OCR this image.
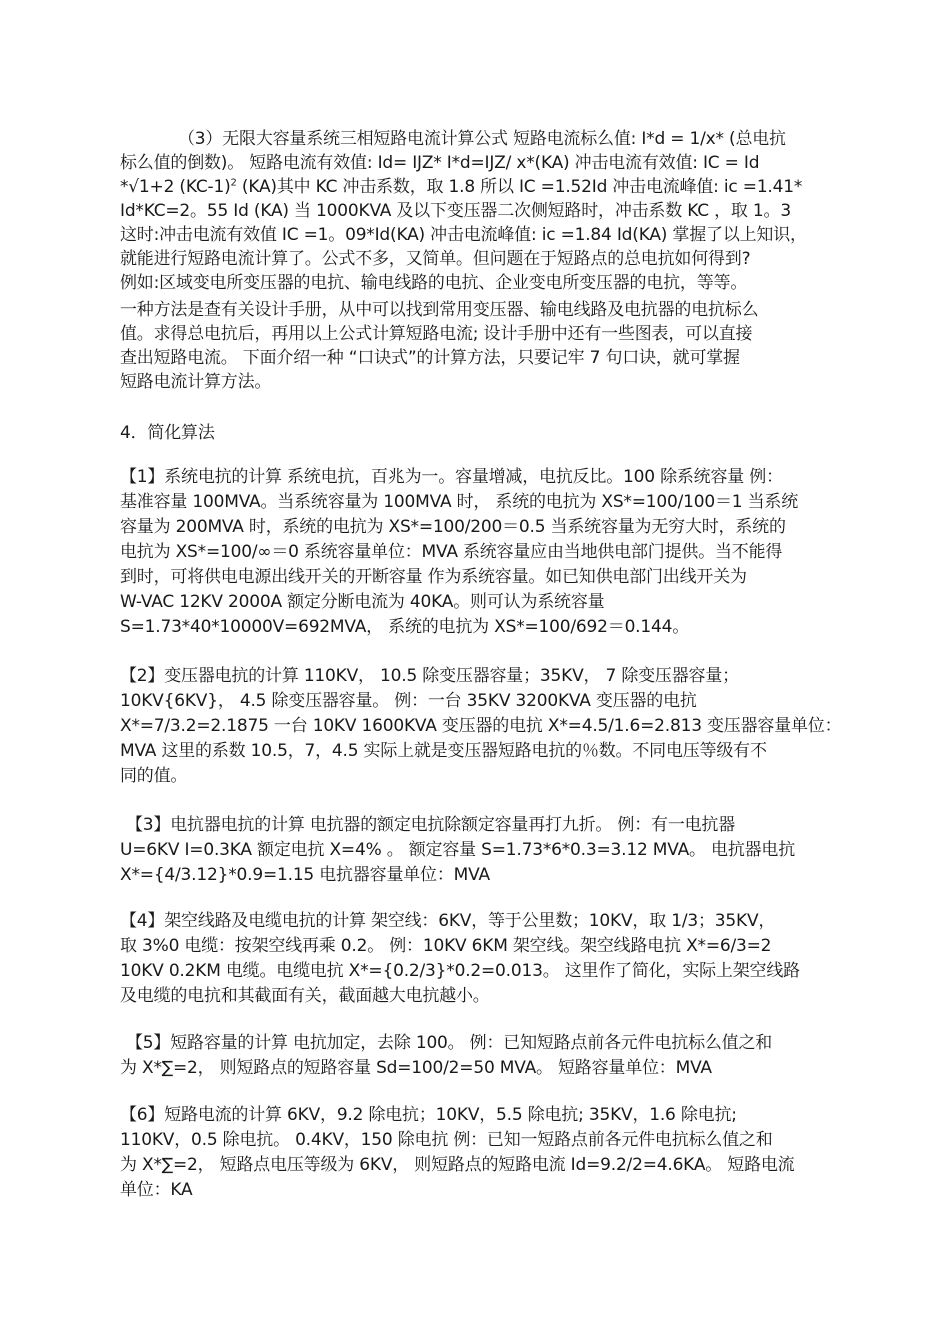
（3）无限大容量系统三相短路电流计算公式 短路电流标么值: I*d = 1/x* (总电抗
标么值的倒数)。 短路电流有效值: Id= IJZ* I*d=IJZ/ x*(KA) 冲击电流有效值: IC = Id
*√1+2 $(KC-1)^2$ (KA)其中 KC 冲击系数，取 1.8 所以 IC =1.52Id 冲击电流峰值: ic =1.41*
Id*KC=2。55 Id (KA) 当 1000KVA 及以下变压器二次侧短路时，冲击系数 KC ，取 1。3
这时:冲击电流有效值 IC =1。09*Id(KA) 冲击电流峰值: ic =1.84 Id(KA) 掌握了以上知识，
就能进行短路电流计算了。公式不多，又简单。但问题在于短路点的总电抗如何得到?
例如:区域变电所变压器的电抗、输电线路的电抗、企业变电所变压器的电抗，等等。
一种方法是查有关设计手册，从中可以找到常用变压器、输电线路及电抗器的电抗标么
值。求得总电抗后，再用以上公式计算短路电流; 设计手册中还有一些图表，可以直接
查出短路电流。 下面介绍一种 “口诀式”的计算方法，只要记牢 7 句口诀，就可掌握
短路电流计算方法。
4．简化算法
【1】系统电抗的计算 系统电抗，百兆为一。容量增减，电抗反比。100 除系统容量 例：
基准容量 100MVA。当系统容量为 100MVA 时， 系统的电抗为 XS*=100/100＝1 当系统
容量为 200MVA 时，系统的电抗为 XS*=100/200＝0.5 当系统容量为无穷大时，系统的
电抗为 XS*=100/∞＝0 系统容量单位：MVA 系统容量应由当地供电部门提供。当不能得
到时，可将供电电源出线开关的开断容量 作为系统容量。如已知供电部门出线开关为
W-VAC 12KV 2000A 额定分断电流为 40KA。则可认为系统容量
S=1.73*40*10000V=692MVA， 系统的电抗为 XS*=100/692＝0.144。
【2】变压器电抗的计算 110KV， 10.5 除变压器容量；35KV， 7 除变压器容量；
10KV{6KV}， 4.5 除变压器容量。 例：一台 35KV 3200KVA 变压器的电抗
X*=7/3.2=2.1875 一台 10KV 1600KVA 变压器的电抗 X*=4.5/1.6=2.813 变压器容量单位：
MVA 这里的系数 10.5，7，4.5 实际上就是变压器短路电抗的％数。不同电压等级有不
同的值。
【3】电抗器电抗的计算 电抗器的额定电抗除额定容量再打九折。 例：有一电抗器
U=6KV I=0.3KA 额定电抗 X=4% 。 额定容量 S=1.73*6*0.3=3.12 MVA。 电抗器电抗
X*={4/3.12}*0.9=1.15 电抗器容量单位：MVA
【4】架空线路及电缆电抗的计算 架空线：6KV，等于公里数；10KV，取 1/3；35KV，
取 3%0 电缆：按架空线再乘 0.2。 例：10KV 6KM 架空线。架空线路电抗 X*=6/3=2
10KV 0.2KM 电缆。电缆电抗 X*={0.2/3}*0.2=0.013。 这里作了简化，实际上架空线路
及电缆的电抗和其截面有关，截面越大电抗越小。
【5】短路容量的计算 电抗加定，去除 100。 例：已知短路点前各元件电抗标么值之和
为 X*∑=2， 则短路点的短路容量 Sd=100/2=50 MVA。 短路容量单位：MVA
【6】短路电流的计算 6KV，9.2 除电抗；10KV，5.5 除电抗; 35KV，1.6 除电抗;
110KV，0.5 除电抗。 0.4KV，150 除电抗 例：已知一短路点前各元件电抗标么值之和
为 X*∑=2， 短路点电压等级为 6KV， 则短路点的短路电流 Id=9.2/2=4.6KA。 短路电流
单位：KA
